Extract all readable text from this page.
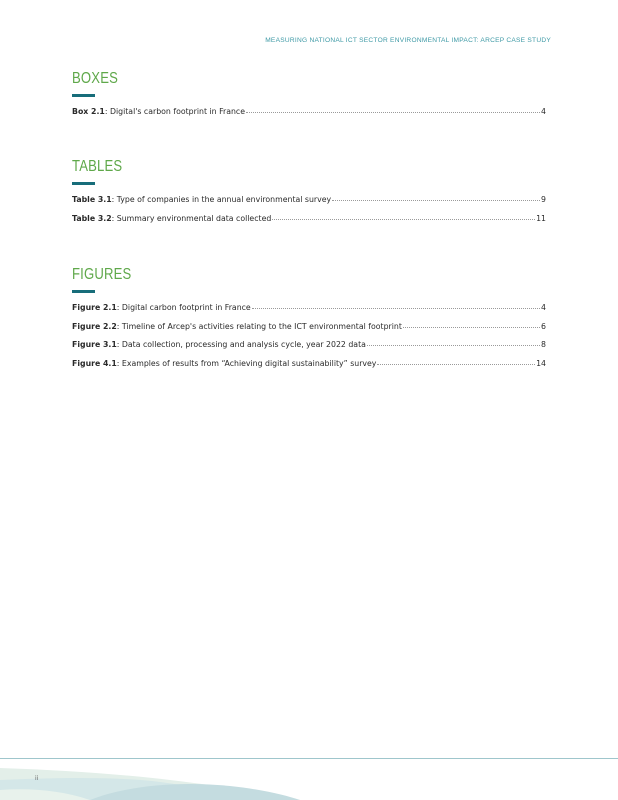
MEASURING NATIONAL ICT SECTOR ENVIRONMENTAL IMPACT: ARCEP CASE STUDY
BOXES
Box 2.1 : Digital's carbon footprint in France	4
TABLES
Table 3.1 : Type of companies in the annual environmental survey	9
Table 3.2 : Summary environmental data collected	11
FIGURES
Figure 2.1 : Digital carbon footprint in France	4
Figure 2.2 : Timeline of Arcep's activities relating to the ICT environmental footprint	6
Figure 3.1 : Data collection, processing and analysis cycle, year 2022 data	8
Figure 4.1 : Examples of results from “Achieving digital sustainability” survey	14
ii
